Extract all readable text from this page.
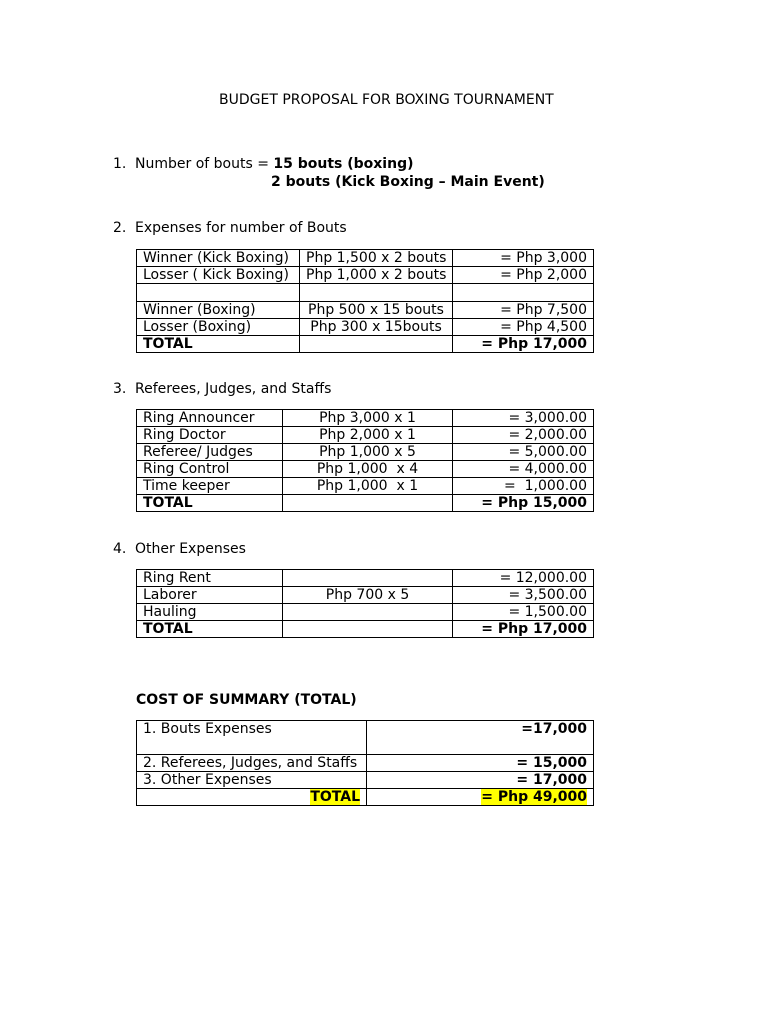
BUDGET PROPOSAL FOR BOXING TOURNAMENT
1. Number of bouts = 15 bouts (boxing)
2 bouts (Kick Boxing – Main Event)
2. Expenses for number of Bouts
Winner (Kick Boxing)	Php 1,500 x 2 bouts	= Php 3,000
Losser ( Kick Boxing)	Php 1,000 x 2 bouts	= Php 2,000

Winner (Boxing)	Php 500 x 15 bouts	= Php 7,500
Losser (Boxing)	Php 300 x 15bouts	= Php 4,500
TOTAL		= Php 17,000
3. Referees, Judges, and Staffs
Ring Announcer	Php 3,000 x 1	= 3,000.00
Ring Doctor	Php 2,000 x 1	= 2,000.00
Referee/ Judges	Php 1,000 x 5	= 5,000.00
Ring Control	Php 1,000  x 4	= 4,000.00
Time keeper	Php 1,000  x 1	=  1,000.00
TOTAL		= Php 15,000
4. Other Expenses
Ring Rent		= 12,000.00
Laborer	Php 700 x 5	= 3,500.00
Hauling		= 1,500.00
TOTAL		= Php 17,000
COST OF SUMMARY (TOTAL)
1. Bouts Expenses	=17,000
2. Referees, Judges, and Staffs	= 15,000
3. Other Expenses	= 17,000
TOTAL	= Php 49,000
